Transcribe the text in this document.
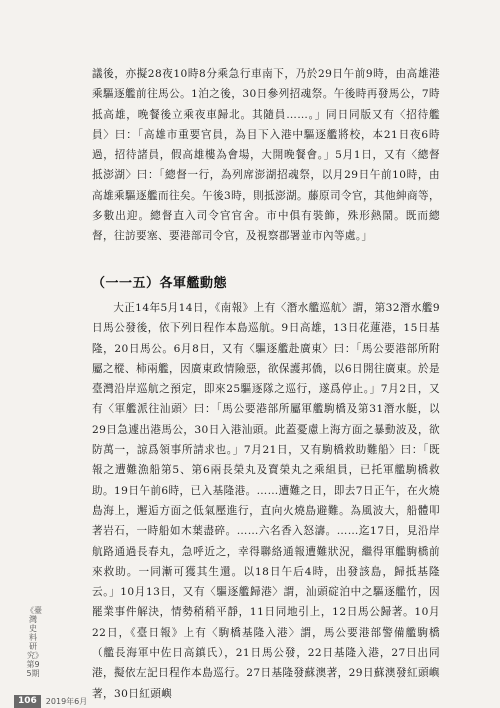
議後，亦擬28夜10時8分乘急行車南下，乃於29日午前9時，由高雄港乘驅逐艦前往馬公。1泊之後，30日參列招魂祭。午後時再發馬公，7時抵高雄，晚餐後立乘夜車歸北。其隨員……。」同日同版又有〈招待艦員〉曰：「高雄市重要官員，為目下入港中驅逐艦將校，本21日夜6時過，招待諸員，假高雄樓為會場，大開晚餐會。」5月1日，又有〈總督抵澎湖〉曰：「總督一行，為列席澎湖招魂祭，以月29日午前10時，由高雄乘驅逐艦而往矣。午後3時，則抵澎湖。藤原司令官，其他紳商等，多數出迎。總督直入司令官官舍。市中俱有裝飾，殊形熱鬧。既而總督，往訪要塞、要港部司令官，及視察郡署並市內等處。」

（一一五）各軍艦動態

大正14年5月14日，《南報》上有〈潛水艦巡航〉謂，第32潛水艦9日馬公發後，依下列日程作本島巡航。9日高雄，13日花蓮港，15日基隆，20日馬公。6月8日，又有〈驅逐艦赴廣東〉曰：「馬公要港部所附屬之樅、柿兩艦，因廣東政情險惡，欲保護邦僑，以6日開往廣東。於是臺灣沿岸巡航之預定，即來25驅逐隊之巡行，遂爲停止。」7月2日，又有〈軍艦派往汕頭〉曰：「馬公要港部所屬軍艦駒橋及第31潛水艇，以29日急遽出港馬公，30日入港汕頭。此蓋憂慮上海方面之暴動波及，欲防萬一，諒爲領事所請求也。」7月21日，又有駒橋救助難船〉曰：「既報之遭難漁船第5、第6兩長榮丸及寶榮丸之乘組員，已托軍艦駒橋救助。19日午前6時，已入基隆港。……遭難之日，即去7日正午，在火燒島海上，邂逅方面之低氣壓進行，直向火燒島避難。為風波大，船體叩著岩石，一時船如木葉盡碎。……六名香入怒濤。……迄17日，見沿岸航路通過長春丸，急呼近之，幸得聯絡通報遭難狀況，繼得軍艦駒橋前來救助。一同漸可獲其生還。以18日午后4時，出發該島，歸抵基隆云。」10月13日，又有〈驅逐艦歸港〉謂，汕頭碇泊中之驅逐艦竹，因罷業事件解決，情勢稍稍平靜，11日同地引上，12日馬公歸著。10月22日，《臺日報》上有〈駒橋基隆入港〉謂，馬公要港部警備艦駒橋（艦長海軍中佐日高鎮氏），21日馬公發，22日基隆入港，27日出同港，擬依左記日程作本島巡行。27日基隆發蘇澳著，29日蘇澳發紅頭嶼著，30日紅頭嶼

《臺灣史料研究》第95期
106	2019年6月
